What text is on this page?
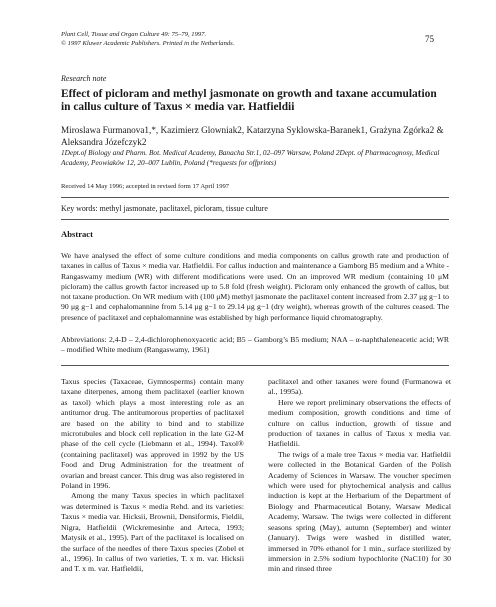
Plant Cell, Tissue and Organ Culture 49: 75–79, 1997.
© 1997 Kluwer Academic Publishers. Printed in the Netherlands.	75
Research note
Effect of picloram and methyl jasmonate on growth and taxane accumulation in callus culture of Taxus × media var. Hatfieldii
Miroslawa Furmanova1,*, Kazimierz Glowniak2, Katarzyna Syklowska-Baranek1, Grażyna Zgórka2 & Aleksandra Józefczyk2
1Dept.of Biology and Pharm. Bot. Medical Academy, Banacha Str.1, 02–097 Warsaw, Poland 2Dept. of Pharmacognosy, Medical Academy, Peowiaków 12, 20–007 Lublin, Poland (*requests for offprints)
Received 14 May 1996; accepted in revised form 17 April 1997
Key words: methyl jasmonate, paclitaxel, picloram, tissue culture
Abstract
We have analysed the effect of some culture conditions and media components on callus growth rate and production of taxanes in callus of Taxus × media var. Hatfieldii. For callus induction and maintenance a Gamborg B5 medium and a White - Rangaswamy medium (WR) with different modifications were used. On an improved WR medium (containing 10 μM picloram) the callus growth factor increased up to 5.8 fold (fresh weight). Picloram only enhanced the growth of callus, but not taxane production. On WR medium with (100 μM) methyl jasmonate the paclitaxel content increased from 2.37 μg g−1 to 90 μg g−1 and cephalomannine from 5.14 μg g−1 to 29.14 μg g−1 (dry weight), whereas growth of the cultures ceased. The presence of paclitaxel and cephalomannine was established by high performance liquid chromatography.
Abbreviations: 2,4-D – 2,4-dichlorophenoxyacetic acid; B5 – Gamborg’s B5 medium; NAA – α-naphthaleneacetic acid; WR – modified White medium (Rangaswamy, 1961)

Taxus species (Taxaceae, Gymnosperms) contain many taxane diterpenes, among them paclitaxel (earlier known as taxol) which plays a most interesting role as an antitumor drug. The antitumorous properties of paclitaxel are based on the ability to bind and to stabilize microtubules and block cell replication in the late G2-M phase of the cell cycle (Liebmann et al., 1994). Taxol® (containing paclitaxel) was approved in 1992 by the US Food and Drug Administration for the treatment of ovarian and breast cancer. This drug was also registered in Poland in 1996.

Among the many Taxus species in which paclitaxel was determined is Taxus × media Rehd. and its varieties: Taxus × media var. Hicksii, Brownii, Densiformis, Fieldii, Nigra, Hatfieldii (Wickremesinhe and Arteca, 1993; Matysik et al., 1995). Part of the paclitaxel is localised on the surface of the needles of there Taxus species (Zobel et al., 1996). In callus of two varieties, T. x m. var. Hicksii and T. x m. var. Hatfieldii,

paclitaxel and other taxanes were found (Furmanowa et al., 1995a).

Here we report preliminary observations the effects of medium composition, growth conditions and time of culture on callus induction, growth of tissue and production of taxanes in callus of Taxus x media var. Hatfieldii.

The twigs of a male tree Taxus × media var. Hatfieldii were collected in the Botanical Garden of the Polish Academy of Sciences in Warsaw. The voucher specimen which were used for phytochemical analysis and callus induction is kept at the Herbarium of the Department of Biology and Pharmaceutical Botany, Warsaw Medical Academy, Warsaw. The twigs were collected in different seasons spring (May), autumn (September) and winter (January). Twigs were washed in distilled water, immersed in 70% ethanol for 1 min., surface sterilized by immersion in 2.5% sodium hypochlorite (NaC10) for 30 min and rinsed three
